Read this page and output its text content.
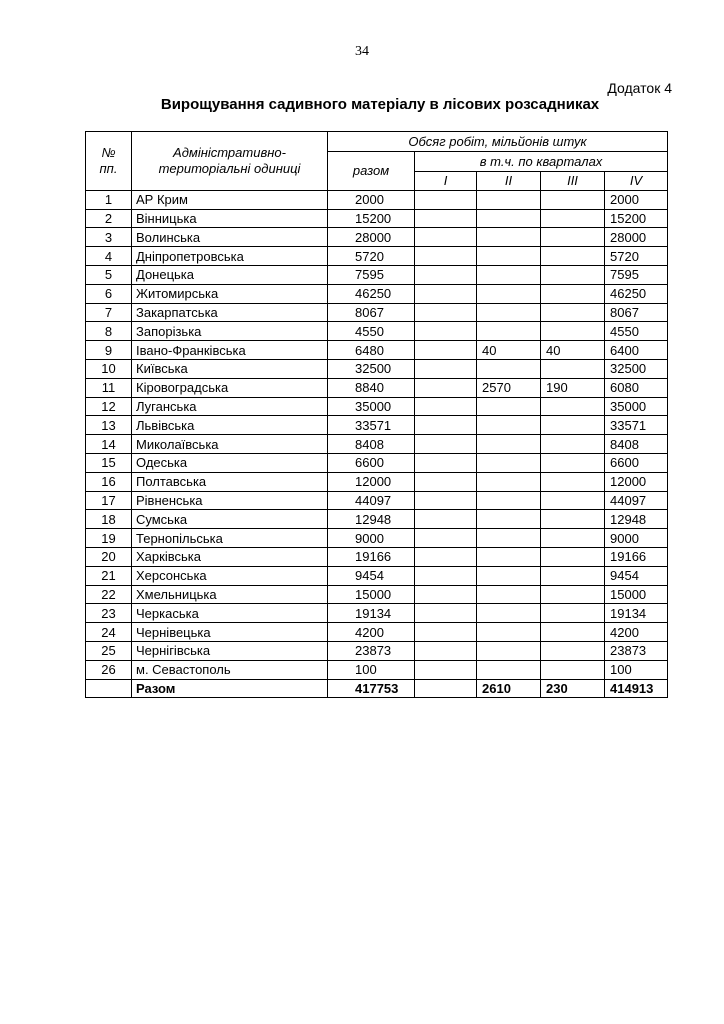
34
Додаток 4
Вирощування садивного матеріалу в лісових розсадниках
№ пп.	Адміністративно-територіальні одиниці	Обсяг робіт, мільйонів штук				
		разом	в т.ч. по кварталах			
			I	II	III	IV
1	АР Крим	2000				2000
2	Вінницька	15200				15200
3	Волинська	28000				28000
4	Дніпропетровська	5720				5720
5	Донецька	7595				7595
6	Житомирська	46250				46250
7	Закарпатська	8067				8067
8	Запорізька	4550				4550
9	Івано-Франківська	6480		40	40	6400
10	Київська	32500				32500
11	Кіровоградська	8840		2570	190	6080
12	Луганська	35000				35000
13	Львівська	33571				33571
14	Миколаївська	8408				8408
15	Одеська	6600				6600
16	Полтавська	12000				12000
17	Рівненська	44097				44097
18	Сумська	12948				12948
19	Тернопільська	9000				9000
20	Харківська	19166				19166
21	Херсонська	9454				9454
22	Хмельницька	15000				15000
23	Черкаська	19134				19134
24	Чернівецька	4200				4200
25	Чернігівська	23873				23873
26	м. Севастополь	100				100
	Разом	417753		2610	230	414913
